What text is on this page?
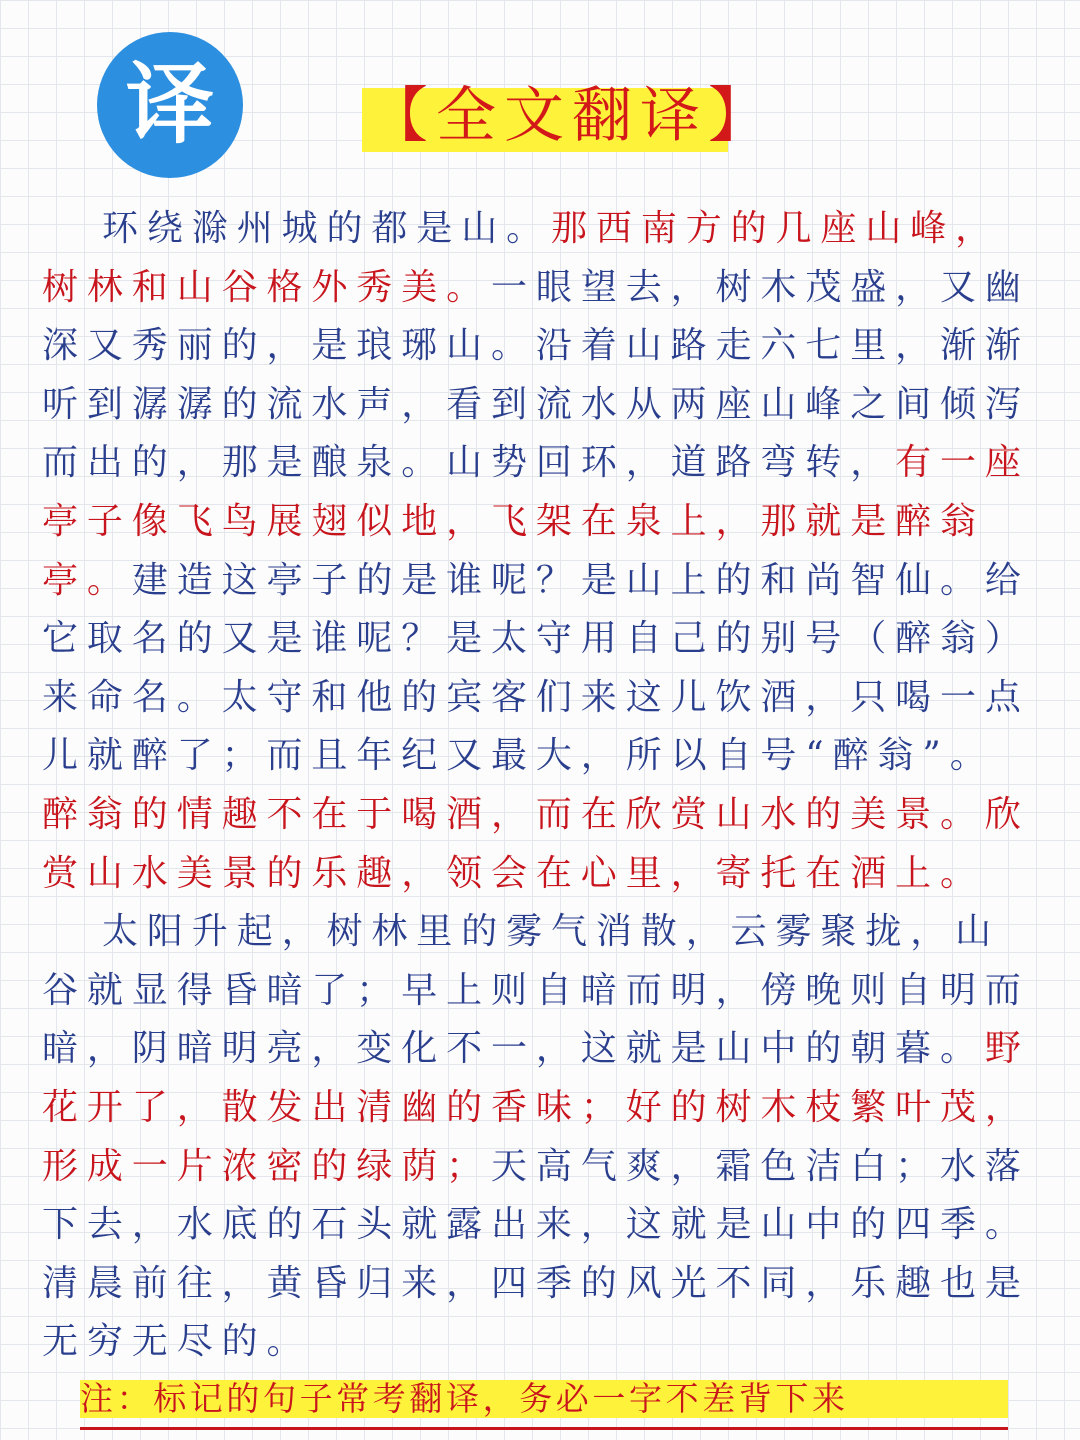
译	【全文翻译】

环绕滁州城的都是山。那西南方的几座山峰，树林和山谷格外秀美。一眼望去，树木茂盛，又幽深又秀丽的，是琅琊山。沿着山路走六七里，渐渐听到潺潺的流水声，看到流水从两座山峰之间倾泻而出的，那是酿泉。山势回环，道路弯转，有一座亭子像飞鸟展翅似地，飞架在泉上，那就是醉翁亭。建造这亭子的是谁呢？是山上的和尚智仙。给它取名的又是谁呢？是太守用自己的别号（醉翁）来命名。太守和他的宾客们来这儿饮酒，只喝一点儿就醉了；而且年纪又最大，所以自号“醉翁”。醉翁的情趣不在于喝酒，而在欣赏山水的美景。欣赏山水美景的乐趣，领会在心里，寄托在酒上。

太阳升起，树林里的雾气消散，云雾聚拢，山谷就显得昏暗了；早上则自暗而明，傍晚则自明而暗，阴暗明亮，变化不一，这就是山中的朝暮。野花开了，散发出清幽的香味；好的树木枝繁叶茂，形成一片浓密的绿荫；天高气爽，霜色洁白；水落下去，水底的石头就露出来，这就是山中的四季。清晨前往，黄昏归来，四季的风光不同，乐趣也是无穷无尽的。

注：标记的句子常考翻译，务必一字不差背下来
